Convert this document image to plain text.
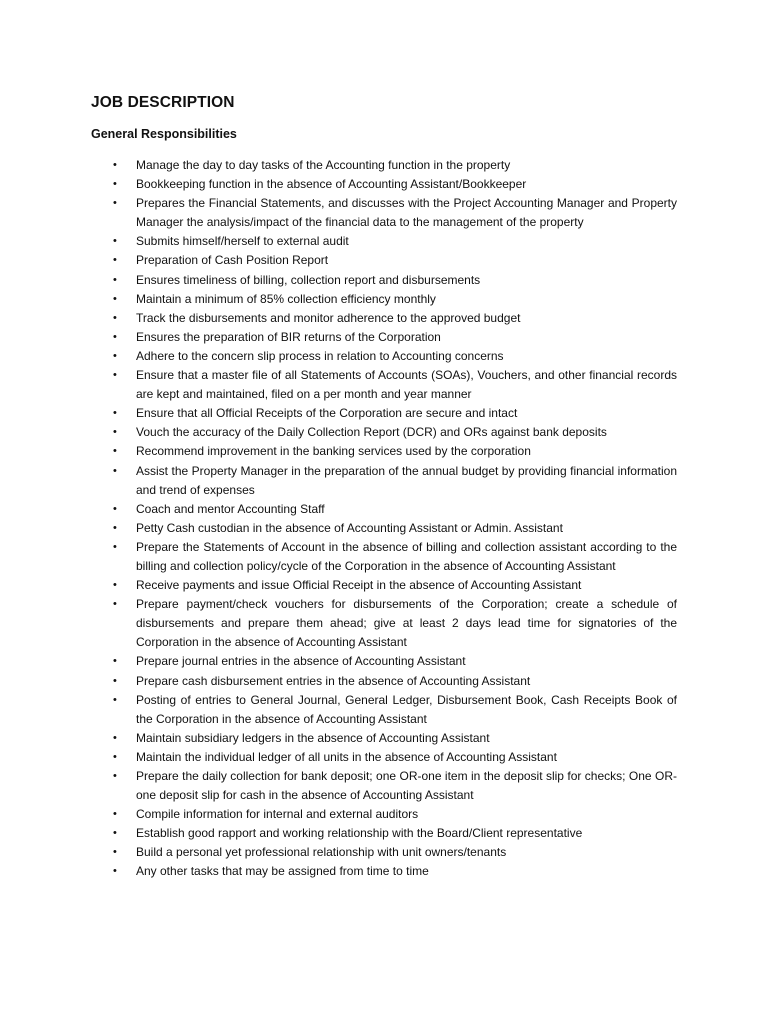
JOB DESCRIPTION
General Responsibilities
• Manage the day to day tasks of the Accounting function in the property
• Bookkeeping function in the absence of Accounting Assistant/Bookkeeper
• Prepares the Financial Statements, and discusses with the Project Accounting Manager and Property Manager the analysis/impact of the financial data to the management of the property
• Submits himself/herself to external audit
• Preparation of Cash Position Report
• Ensures timeliness of billing, collection report and disbursements
• Maintain a minimum of 85% collection efficiency monthly
• Track the disbursements and monitor adherence to the approved budget
• Ensures the preparation of BIR returns of the Corporation
• Adhere to the concern slip process in relation to Accounting concerns
• Ensure that a master file of all Statements of Accounts (SOAs), Vouchers, and other financial records are kept and maintained, filed on a per month and year manner
• Ensure that all Official Receipts of the Corporation are secure and intact
• Vouch the accuracy of the Daily Collection Report (DCR) and ORs against bank deposits
• Recommend improvement in the banking services used by the corporation
• Assist the Property Manager in the preparation of the annual budget by providing financial information and trend of expenses
• Coach and mentor Accounting Staff
• Petty Cash custodian in the absence of Accounting Assistant or Admin. Assistant
• Prepare the Statements of Account in the absence of billing and collection assistant according to the billing and collection policy/cycle of the Corporation in the absence of Accounting Assistant
• Receive payments and issue Official Receipt in the absence of Accounting Assistant
• Prepare payment/check vouchers for disbursements of the Corporation; create a schedule of disbursements and prepare them ahead; give at least 2 days lead time for signatories of the Corporation in the absence of Accounting Assistant
• Prepare journal entries in the absence of Accounting Assistant
• Prepare cash disbursement entries in the absence of Accounting Assistant
• Posting of entries to General Journal, General Ledger, Disbursement Book, Cash Receipts Book of the Corporation in the absence of Accounting Assistant
• Maintain subsidiary ledgers in the absence of Accounting Assistant
• Maintain the individual ledger of all units in the absence of Accounting Assistant
• Prepare the daily collection for bank deposit; one OR-one item in the deposit slip for checks; One OR-one deposit slip for cash in the absence of Accounting Assistant
• Compile information for internal and external auditors
• Establish good rapport and working relationship with the Board/Client representative
• Build a personal yet professional relationship with unit owners/tenants
• Any other tasks that may be assigned from time to time
